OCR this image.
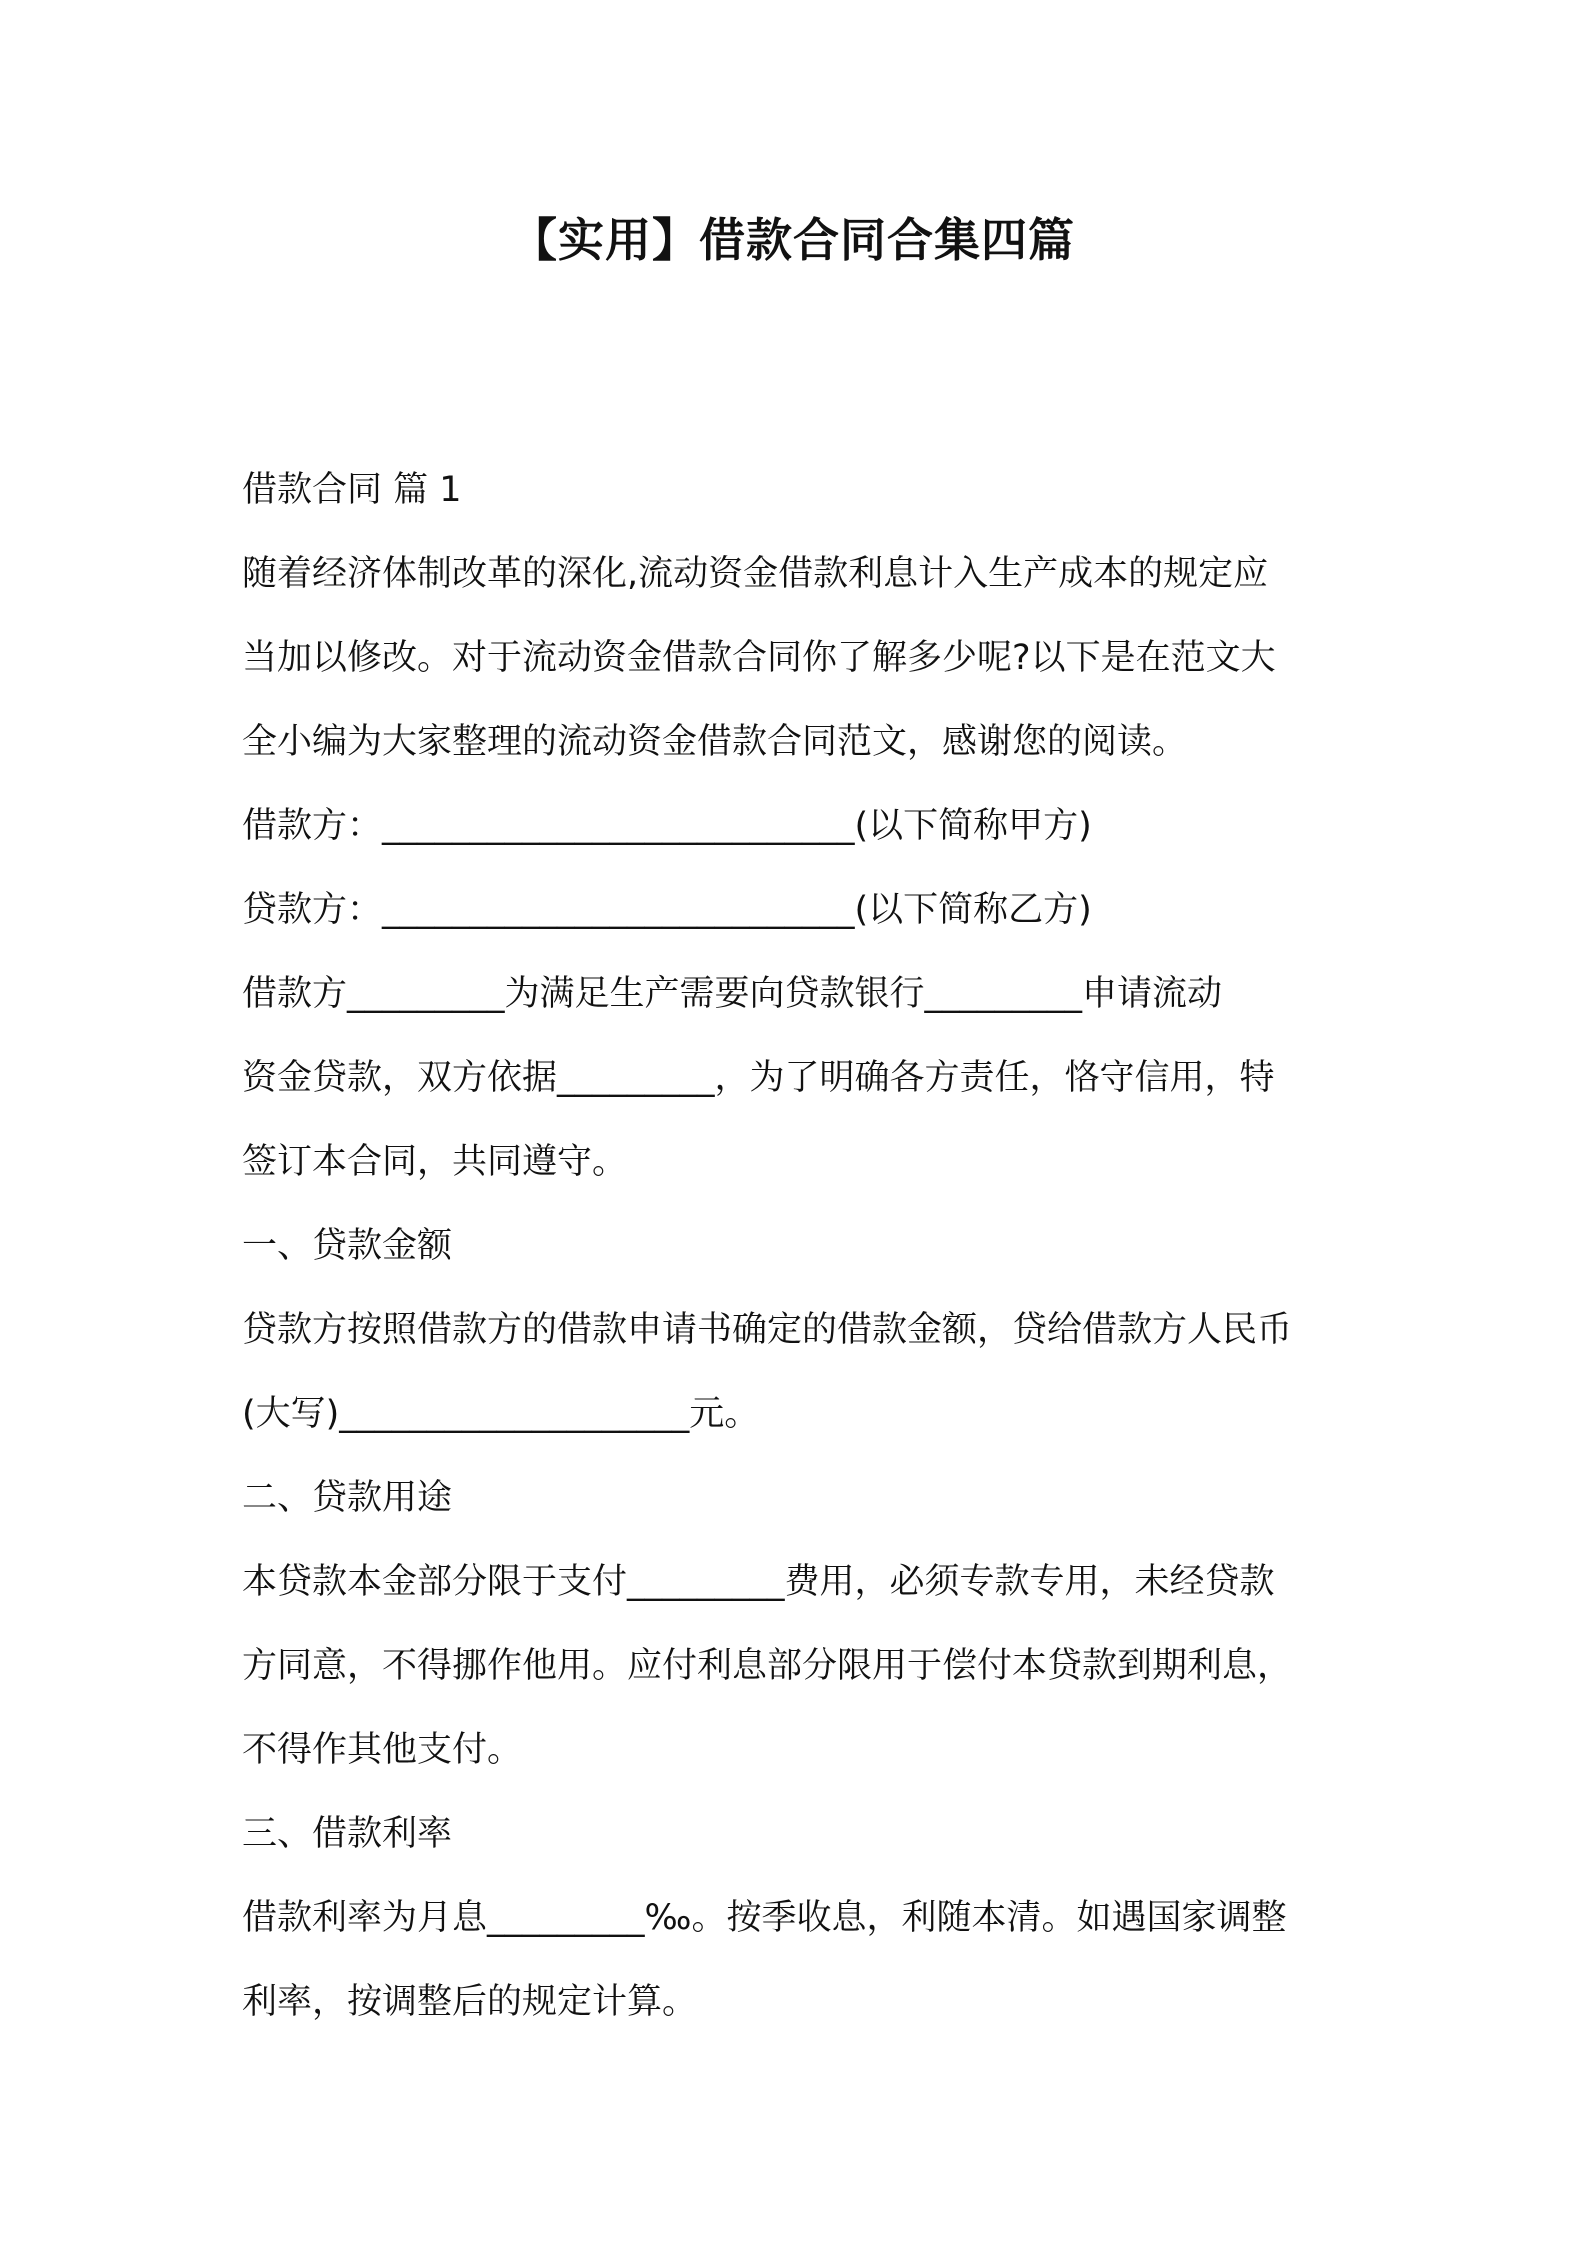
【实用】借款合同合集四篇
借款合同 篇 1
随着经济体制改革的深化,流动资金借款利息计入生产成本的规定应
当加以修改。对于流动资金借款合同你了解多少呢?以下是在范文大
全小编为大家整理的流动资金借款合同范文，感谢您的阅读。
借款方：___________________________(以下简称甲方)
贷款方：___________________________(以下简称乙方)
借款方_________为满足生产需要向贷款银行_________申请流动
资金贷款，双方依据_________，为了明确各方责任，恪守信用，特
签订本合同，共同遵守。
一、贷款金额
贷款方按照借款方的借款申请书确定的借款金额，贷给借款方人民币
(大写)____________________元。
二、贷款用途
本贷款本金部分限于支付_________费用，必须专款专用，未经贷款
方同意，不得挪作他用。应付利息部分限用于偿付本贷款到期利息，
不得作其他支付。
三、借款利率
借款利率为月息_________‰。按季收息，利随本清。如遇国家调整
利率，按调整后的规定计算。
